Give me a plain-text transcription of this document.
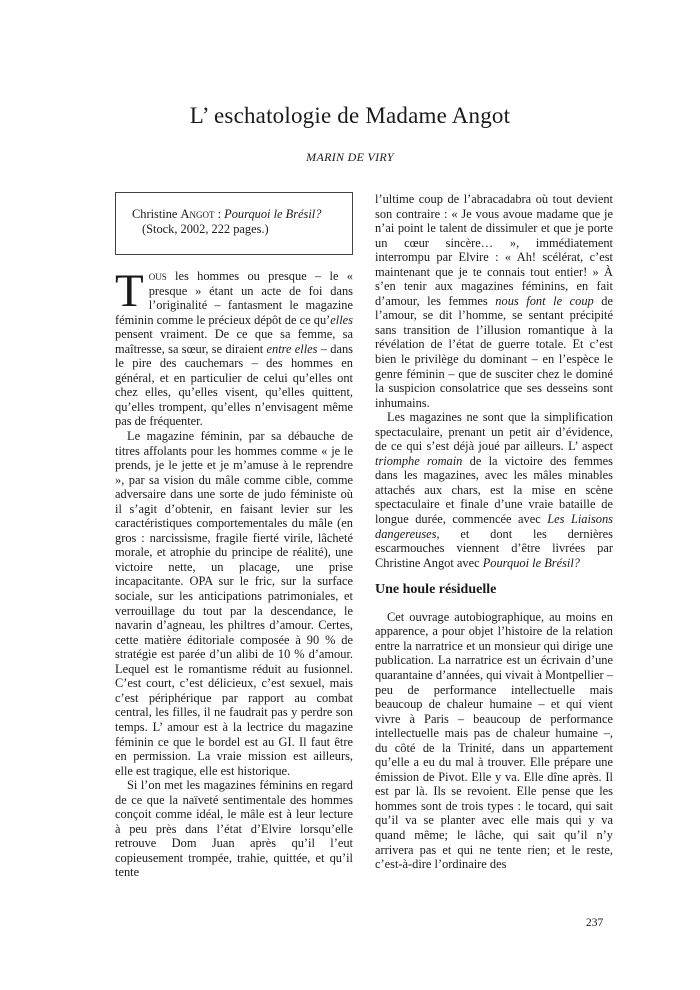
L’ eschatologie de Madame Angot
MARIN DE VIRY
Christine Angot : Pourquoi le Brésil?
(Stock, 2002, 222 pages.)

Tous les hommes ou presque – le « presque » étant un acte de foi dans l’originalité – fantasment le magazine féminin comme le précieux dépôt de ce qu’elles pensent vraiment. De ce que sa femme, sa maîtresse, sa sœur, se diraient entre elles – dans le pire des cauchemars – des hommes en général, et en particulier de celui qu’elles ont chez elles, qu’elles visent, qu’elles quittent, qu’elles trompent, qu’elles n’envisagent même pas de fréquenter.

Le magazine féminin, par sa débauche de titres affolants pour les hommes comme « je le prends, je le jette et je m’amuse à le reprendre », par sa vision du mâle comme cible, comme adversaire dans une sorte de judo féministe où il s’agit d’obtenir, en faisant levier sur les caractéristiques comportementales du mâle (en gros : narcissisme, fragile fierté virile, lâcheté morale, et atrophie du principe de réalité), une victoire nette, un placage, une prise incapacitante. OPA sur le fric, sur la surface sociale, sur les anticipations patrimoniales, et verrouillage du tout par la descendance, le navarin d’agneau, les philtres d’amour. Certes, cette matière éditoriale composée à 90 % de stratégie est parée d’un alibi de 10 % d’amour. Lequel est le romantisme réduit au fusionnel. C’est court, c’est délicieux, c’est sexuel, mais c’est périphérique par rapport au combat central, les filles, il ne faudrait pas y perdre son temps. L’ amour est à la lectrice du magazine féminin ce que le bordel est au GI. Il faut être en permission. La vraie mission est ailleurs, elle est tragique, elle est historique.

Si l’on met les magazines féminins en regard de ce que la naïveté sentimentale des hommes conçoit comme idéal, le mâle est à leur lecture à peu près dans l’état d’Elvire lorsqu’elle retrouve Dom Juan après qu’il l’eut copieusement trompée, trahie, quittée, et qu’il tente

l’ultime coup de l’abracadabra où tout devient son contraire : « Je vous avoue madame que je n’ai point le talent de dissimuler et que je porte un cœur sincère… », immédiatement interrompu par Elvire : « Ah! scélérat, c’est maintenant que je te connais tout entier! » À s’en tenir aux magazines féminins, en fait d’amour, les femmes nous font le coup de l’amour, se dit l’homme, se sentant précipité sans transition de l’illusion romantique à la révélation de l’état de guerre totale. Et c’est bien le privilège du dominant – en l’espèce le genre féminin – que de susciter chez le dominé la suspicion consolatrice que ses desseins sont inhumains.

Les magazines ne sont que la simplification spectaculaire, prenant un petit air d’évidence, de ce qui s’est déjà joué par ailleurs. L’ aspect triomphe romain de la victoire des femmes dans les magazines, avec les mâles minables attachés aux chars, est la mise en scène spectaculaire et finale d’une vraie bataille de longue durée, commencée avec Les Liaisons dangereuses, et dont les dernières escarmouches viennent d’être livrées par Christine Angot avec Pourquoi le Brésil?

Une houle résiduelle

Cet ouvrage autobiographique, au moins en apparence, a pour objet l’histoire de la relation entre la narratrice et un monsieur qui dirige une publication. La narratrice est un écrivain d’une quarantaine d’années, qui vivait à Montpellier – peu de performance intellectuelle mais beaucoup de chaleur humaine – et qui vient vivre à Paris – beaucoup de performance intellectuelle mais pas de chaleur humaine –, du côté de la Trinité, dans un appartement qu’elle a eu du mal à trouver. Elle prépare une émission de Pivot. Elle y va. Elle dîne après. Il est par là. Ils se revoient. Elle pense que les hommes sont de trois types : le tocard, qui sait qu’il va se planter avec elle mais qui y va quand même; le lâche, qui sait qu’il n’y arrivera pas et qui ne tente rien; et le reste, c’est-à-dire l’ordinaire des

237
